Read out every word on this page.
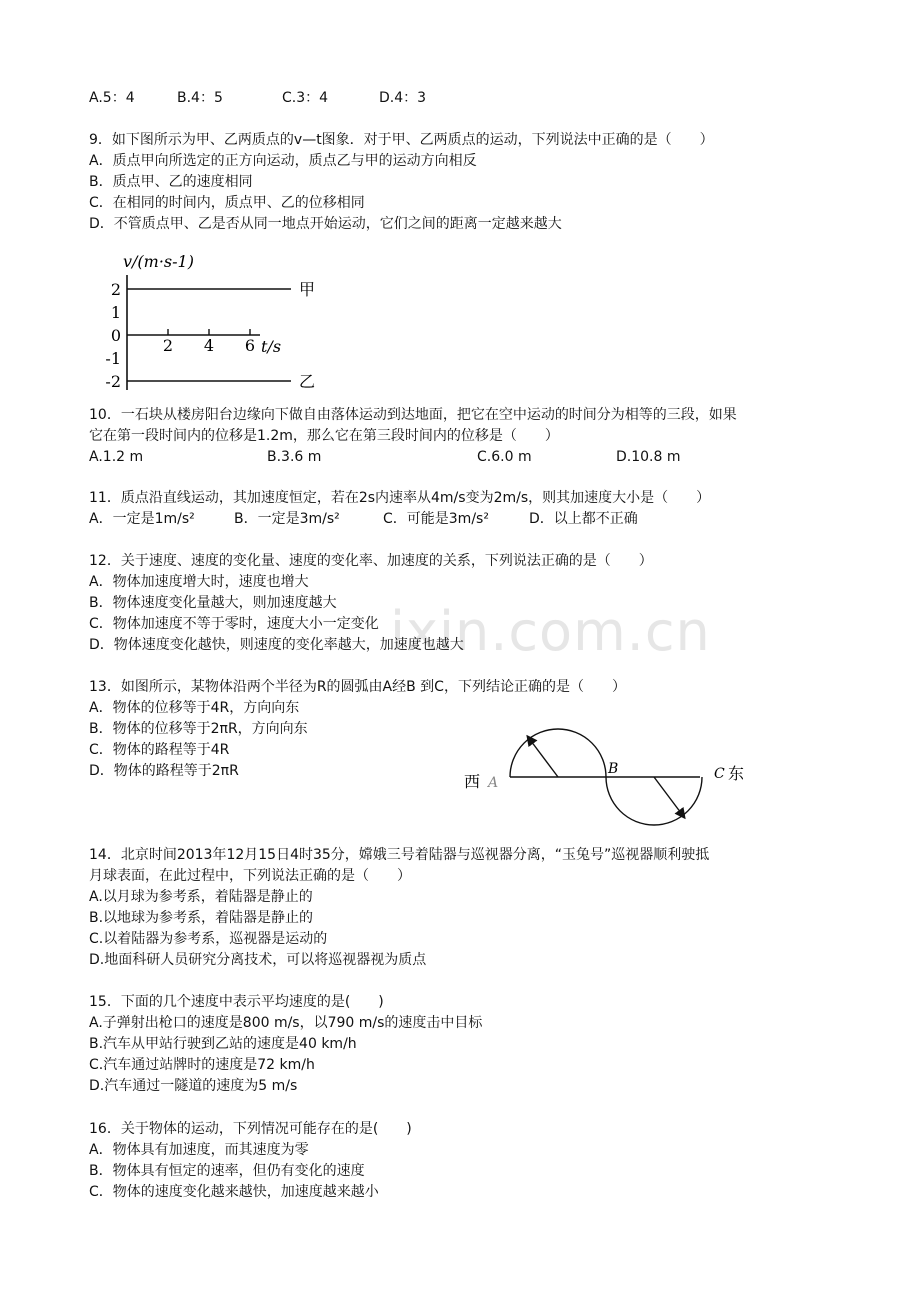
ixin.com.cn
A.5：4	B.4：5	C.3：4	D.4：3
9．如下图所示为甲、乙两质点的v—t图象．对于甲、乙两质点的运动，下列说法中正确的是（　　）
A．质点甲向所选定的正方向运动，质点乙与甲的运动方向相反
B．质点甲、乙的速度相同
C．在相同的时间内，质点甲、乙的位移相同
D．不管质点甲、乙是否从同一地点开始运动，它们之间的距离一定越来越大
v/(m·s-1)
t/s
2
1
0
-1
-2
2 4 6
甲
乙
10．一石块从楼房阳台边缘向下做自由落体运动到达地面，把它在空中运动的时间分为相等的三段，如果
它在第一段时间内的位移是1.2m，那么它在第三段时间内的位移是（　　）
A.1.2 m	B.3.6 m	C.6.0 m	D.10.8 m
11．质点沿直线运动，其加速度恒定，若在2s内速率从4m/s变为2m/s，则其加速度大小是（　　）
A．一定是1m/s²	B．一定是3m/s²	C．可能是3m/s²	D．以上都不正确
12．关于速度、速度的变化量、速度的变化率、加速度的关系，下列说法正确的是（　　）
A．物体加速度增大时，速度也增大
B．物体速度变化量越大，则加速度越大
C．物体加速度不等于零时，速度大小一定变化
D．物体速度变化越快，则速度的变化率越大，加速度也越大
13．如图所示，某物体沿两个半径为R的圆弧由A经B 到C，下列结论正确的是（　　）
A．物体的位移等于4R，方向向东
B．物体的位移等于2πR，方向向东
C．物体的路程等于4R
D．物体的路程等于2πR
西 A
B	C 东
14．北京时间2013年12月15日4时35分，嫦娥三号着陆器与巡视器分离，“玉兔号”巡视器顺利驶抵
月球表面，在此过程中，下列说法正确的是（　　）
A.以月球为参考系，着陆器是静止的
B.以地球为参考系，着陆器是静止的
C.以着陆器为参考系，巡视器是运动的
D.地面科研人员研究分离技术，可以将巡视器视为质点
15．下面的几个速度中表示平均速度的是(　　)
A.子弹射出枪口的速度是800 m/s，以790 m/s的速度击中目标
B.汽车从甲站行驶到乙站的速度是40 km/h
C.汽车通过站牌时的速度是72 km/h
D.汽车通过一隧道的速度为5 m/s
16．关于物体的运动，下列情况可能存在的是(　　)
A．物体具有加速度，而其速度为零
B．物体具有恒定的速率，但仍有变化的速度
C．物体的速度变化越来越快，加速度越来越小
